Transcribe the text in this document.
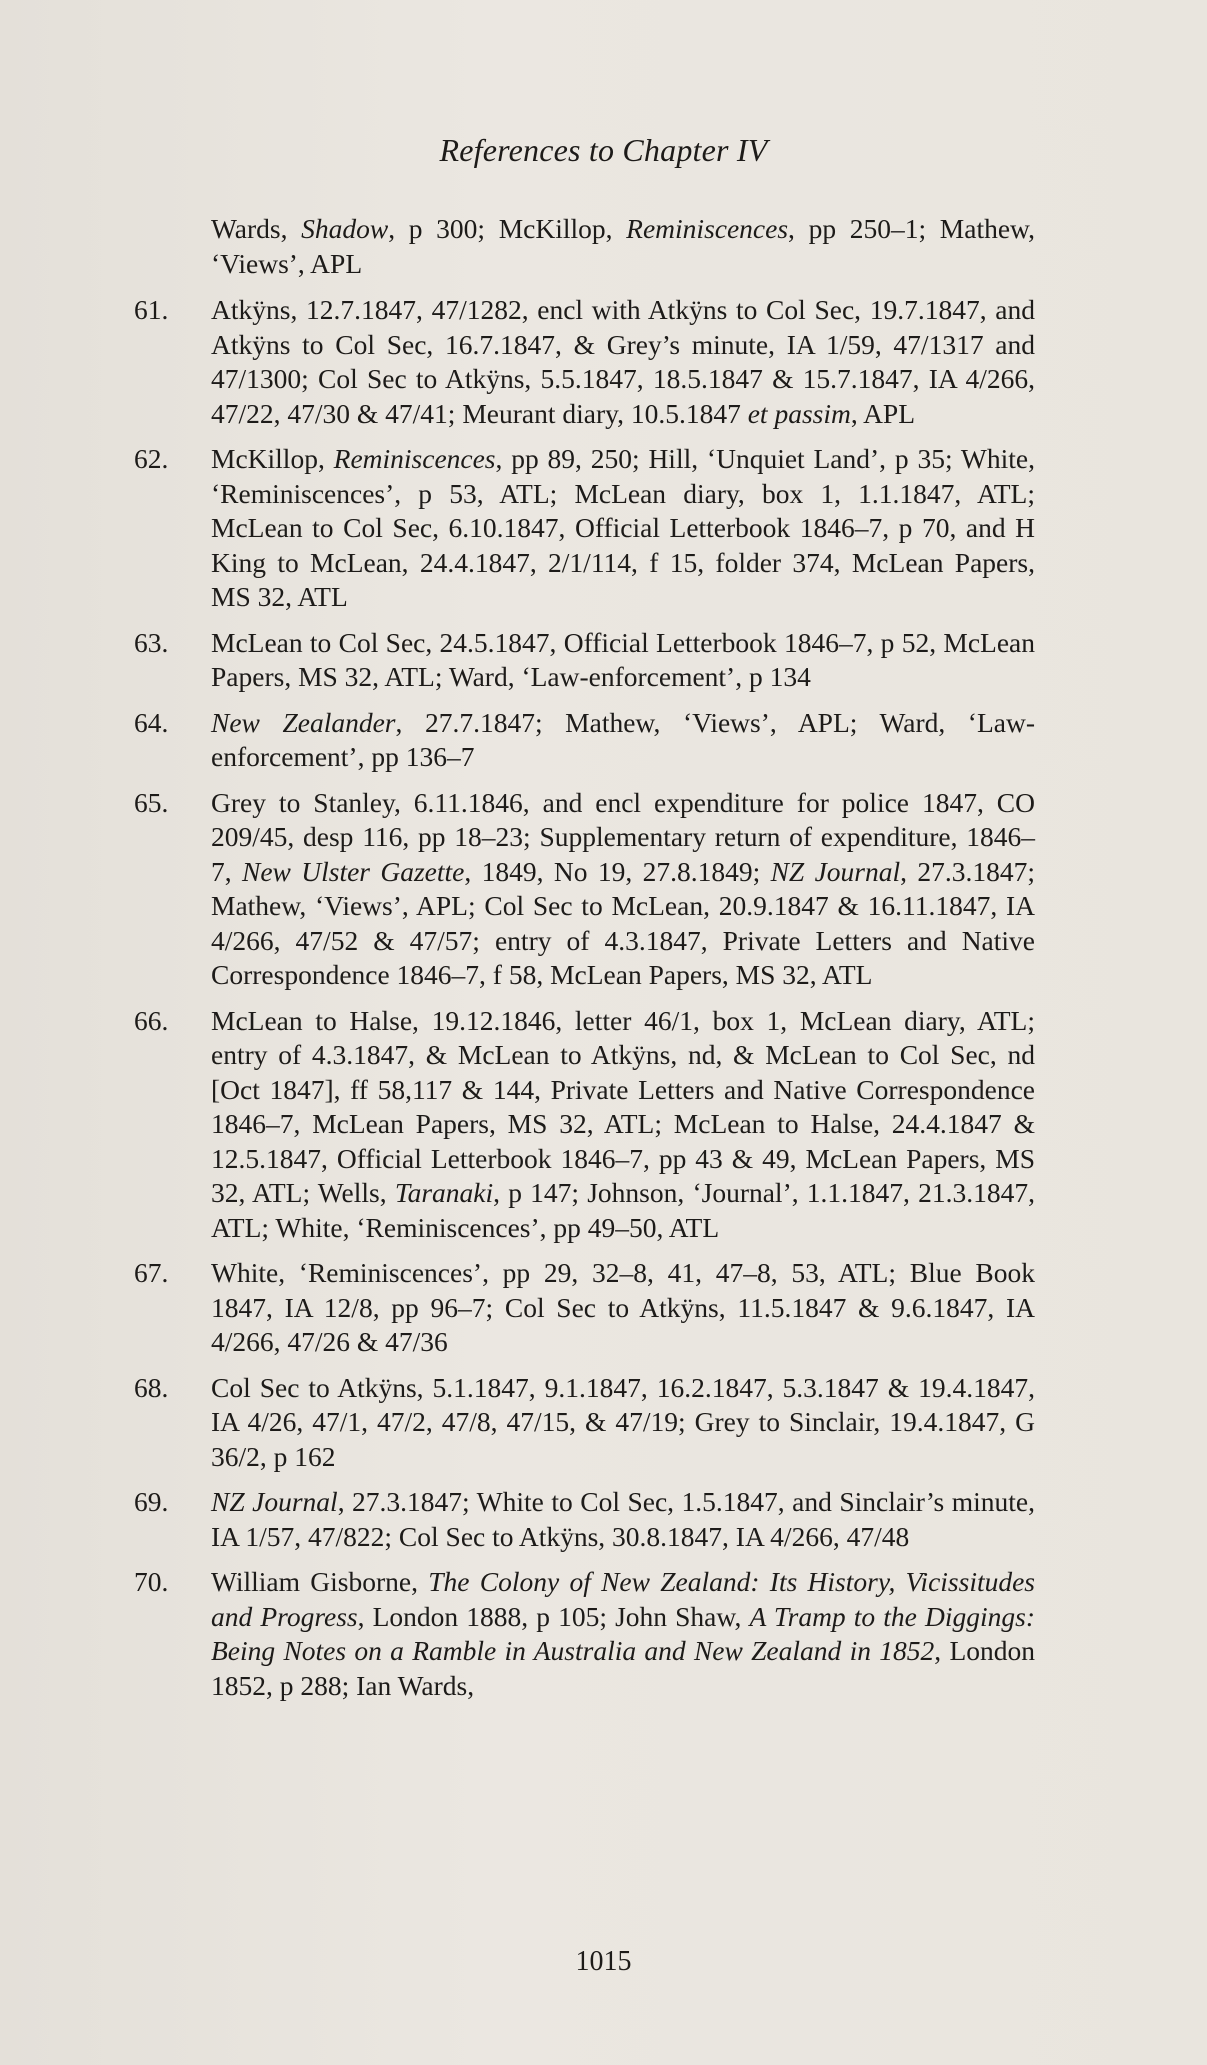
References to Chapter IV
Wards, Shadow, p 300; McKillop, Reminiscences, pp 250–1; Mathew, ‘Views’, APL
61. Atkÿns, 12.7.1847, 47/1282, encl with Atkÿns to Col Sec, 19.7.1847, and Atkÿns to Col Sec, 16.7.1847, & Grey’s minute, IA 1/59, 47/1317 and 47/1300; Col Sec to Atkÿns, 5.5.1847, 18.5.1847 & 15.7.1847, IA 4/266, 47/22, 47/30 & 47/41; Meurant diary, 10.5.1847 et passim, APL
62. McKillop, Reminiscences, pp 89, 250; Hill, ‘Unquiet Land’, p 35; White, ‘Reminiscences’, p 53, ATL; McLean diary, box 1, 1.1.1847, ATL; McLean to Col Sec, 6.10.1847, Official Letterbook 1846–7, p 70, and H King to McLean, 24.4.1847, 2/1/114, f 15, folder 374, McLean Papers, MS 32, ATL
63. McLean to Col Sec, 24.5.1847, Official Letterbook 1846–7, p 52, McLean Papers, MS 32, ATL; Ward, ‘Law-enforcement’, p 134
64. New Zealander, 27.7.1847; Mathew, ‘Views’, APL; Ward, ‘Law-enforcement’, pp 136–7
65. Grey to Stanley, 6.11.1846, and encl expenditure for police 1847, CO 209/45, desp 116, pp 18–23; Supplementary return of expenditure, 1846–7, New Ulster Gazette, 1849, No 19, 27.8.1849; NZ Journal, 27.3.1847; Mathew, ‘Views’, APL; Col Sec to McLean, 20.9.1847 & 16.11.1847, IA 4/266, 47/52 & 47/57; entry of 4.3.1847, Private Letters and Native Correspondence 1846–7, f 58, McLean Papers, MS 32, ATL
66. McLean to Halse, 19.12.1846, letter 46/1, box 1, McLean diary, ATL; entry of 4.3.1847, & McLean to Atkÿns, nd, & McLean to Col Sec, nd [Oct 1847], ff 58,117 & 144, Private Letters and Native Correspondence 1846–7, McLean Papers, MS 32, ATL; McLean to Halse, 24.4.1847 & 12.5.1847, Official Letterbook 1846–7, pp 43 & 49, McLean Papers, MS 32, ATL; Wells, Taranaki, p 147; Johnson, ‘Journal’, 1.1.1847, 21.3.1847, ATL; White, ‘Reminiscences’, pp 49–50, ATL
67. White, ‘Reminiscences’, pp 29, 32–8, 41, 47–8, 53, ATL; Blue Book 1847, IA 12/8, pp 96–7; Col Sec to Atkÿns, 11.5.1847 & 9.6.1847, IA 4/266, 47/26 & 47/36
68. Col Sec to Atkÿns, 5.1.1847, 9.1.1847, 16.2.1847, 5.3.1847 & 19.4.1847, IA 4/26, 47/1, 47/2, 47/8, 47/15, & 47/19; Grey to Sinclair, 19.4.1847, G 36/2, p 162
69. NZ Journal, 27.3.1847; White to Col Sec, 1.5.1847, and Sinclair’s minute, IA 1/57, 47/822; Col Sec to Atkÿns, 30.8.1847, IA 4/266, 47/48
70. William Gisborne, The Colony of New Zealand: Its History, Vicissitudes and Progress, London 1888, p 105; John Shaw, A Tramp to the Diggings: Being Notes on a Ramble in Australia and New Zealand in 1852, London 1852, p 288; Ian Wards,
1015
